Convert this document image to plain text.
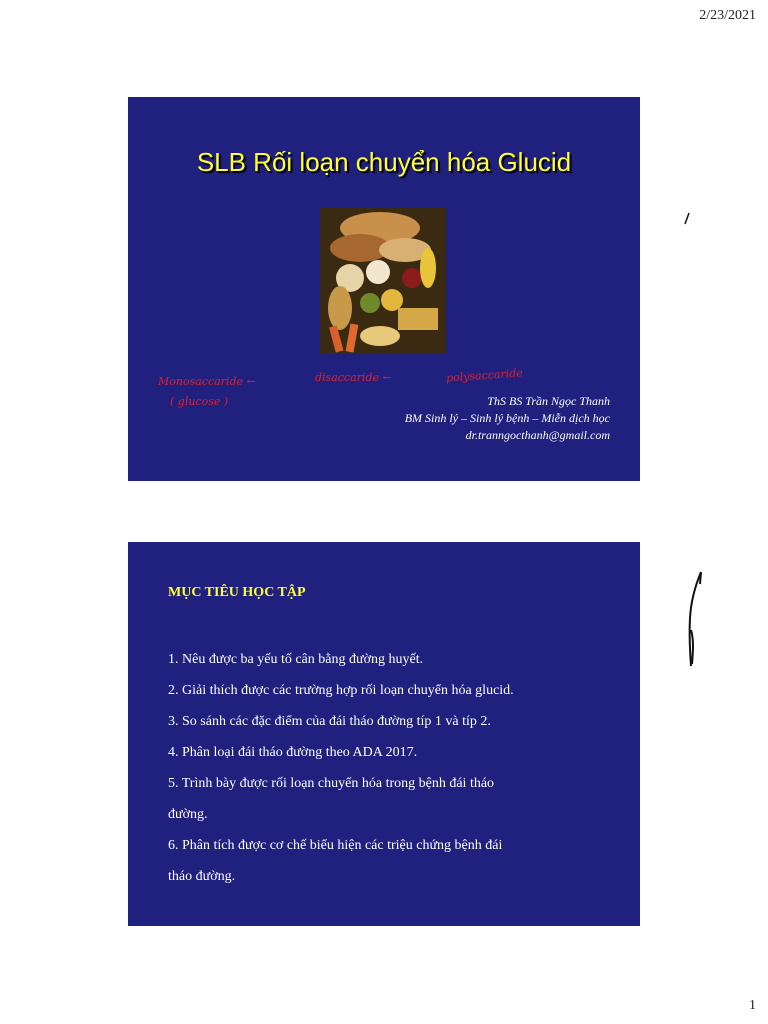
2/23/2021
SLB Rối loạn chuyển hóa Glucid
Monosaccaride ←
( glucose )
disaccaride ←	polysaccaride
ThS BS Trần Ngọc Thanh
BM Sinh lý – Sinh lý bệnh – Miễn dịch học
dr.tranngocthanh@gmail.com
MỤC TIÊU HỌC TẬP
1. Nêu được ba yếu tố cân bằng đường huyết.
2. Giải thích được các trường hợp rối loạn chuyển hóa glucid.
3. So sánh các đặc điểm của đái tháo đường típ 1 và típ 2.
4. Phân loại đái tháo đường theo ADA 2017.
5. Trình bày được rối loạn chuyển hóa trong bệnh đái tháo
đường.
6. Phân tích được cơ chế biểu hiện các triệu chứng bệnh đái
tháo đường.
1
